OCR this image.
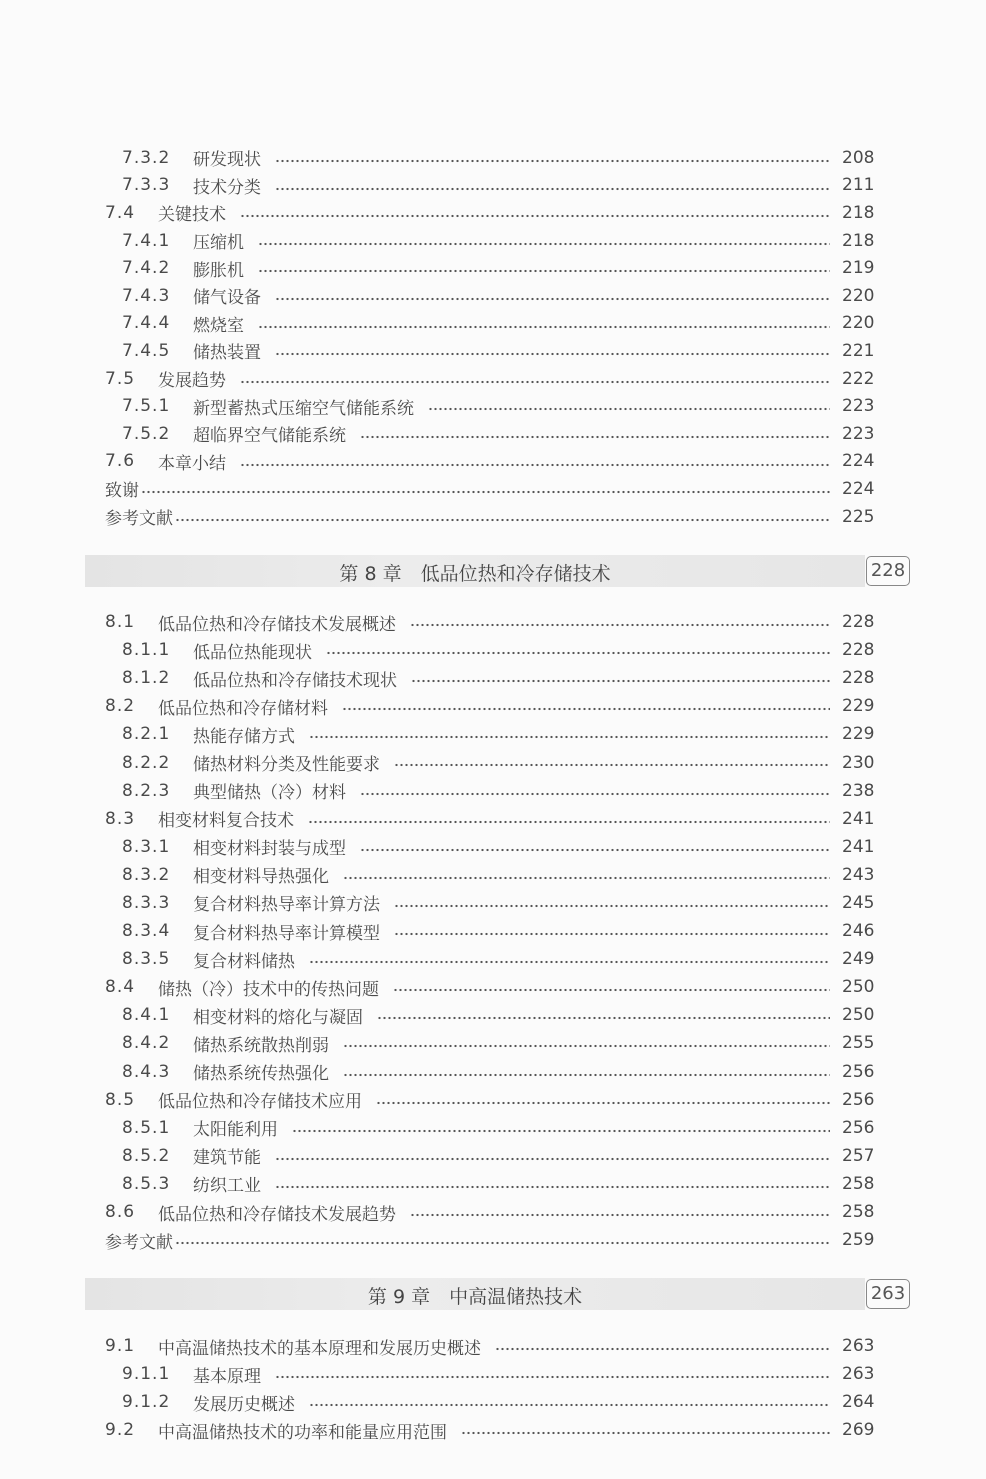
7.3.2 研发现状	208
7.3.3 技术分类	211
7.4 关键技术	218
7.4.1 压缩机	218
7.4.2 膨胀机	219
7.4.3 储气设备	220
7.4.4 燃烧室	220
7.4.5 储热装置	221
7.5 发展趋势	222
7.5.1 新型蓄热式压缩空气储能系统	223
7.5.2 超临界空气储能系统	223
7.6 本章小结	224
致谢	224
参考文献	225
第 8 章　低品位热和冷存储技术	228
8.1 低品位热和冷存储技术发展概述	228
8.1.1 低品位热能现状	228
8.1.2 低品位热和冷存储技术现状	228
8.2 低品位热和冷存储材料	229
8.2.1 热能存储方式	229
8.2.2 储热材料分类及性能要求	230
8.2.3 典型储热（冷）材料	238
8.3 相变材料复合技术	241
8.3.1 相变材料封装与成型	241
8.3.2 相变材料导热强化	243
8.3.3 复合材料热导率计算方法	245
8.3.4 复合材料热导率计算模型	246
8.3.5 复合材料储热	249
8.4 储热（冷）技术中的传热问题	250
8.4.1 相变材料的熔化与凝固	250
8.4.2 储热系统散热削弱	255
8.4.3 储热系统传热强化	256
8.5 低品位热和冷存储技术应用	256
8.5.1 太阳能利用	256
8.5.2 建筑节能	257
8.5.3 纺织工业	258
8.6 低品位热和冷存储技术发展趋势	258
参考文献	259
第 9 章　中高温储热技术	263
9.1 中高温储热技术的基本原理和发展历史概述	263
9.1.1 基本原理	263
9.1.2 发展历史概述	264
9.2 中高温储热技术的功率和能量应用范围	269
